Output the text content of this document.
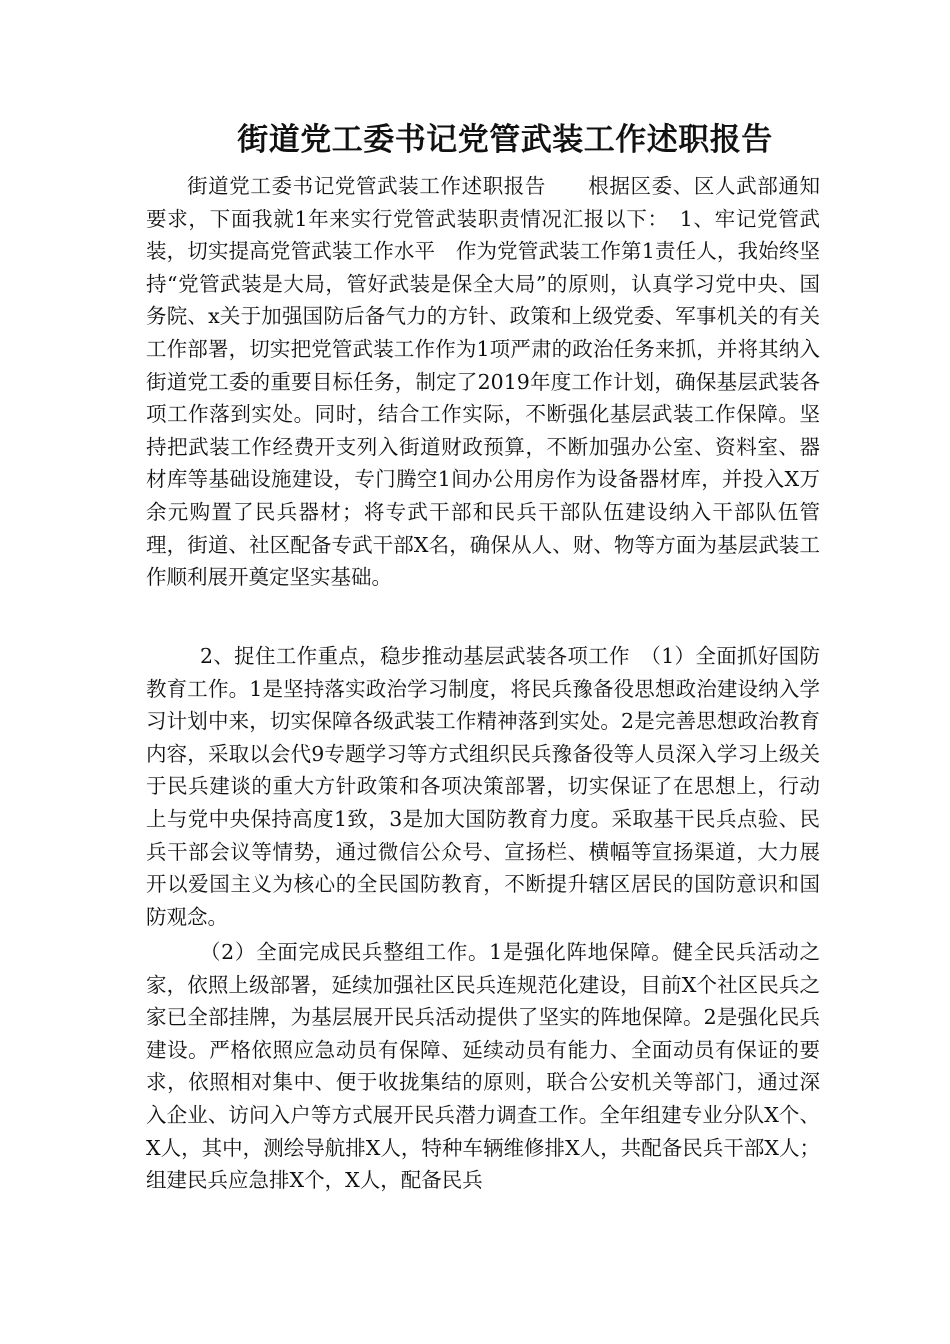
街道党工委书记党管武装工作述职报告

街道党工委书记党管武装工作述职报告　　根据区委、区人武部通知要求，下面我就1年来实行党管武装职责情况汇报以下：　1、牢记党管武装，切实提高党管武装工作水平　作为党管武装工作第1责任人，我始终坚持“党管武装是大局，管好武装是保全大局”的原则，认真学习党中央、国务院、x关于加强国防后备气力的方针、政策和上级党委、军事机关的有关工作部署，切实把党管武装工作作为1项严肃的政治任务来抓，并将其纳入街道党工委的重要目标任务，制定了2019年度工作计划，确保基层武装各项工作落到实处。同时，结合工作实际，不断强化基层武装工作保障。坚持把武装工作经费开支列入街道财政预算，不断加强办公室、资料室、器材库等基础设施建设，专门腾空1间办公用房作为设备器材库，并投入X万余元购置了民兵器材；将专武干部和民兵干部队伍建设纳入干部队伍管理，街道、社区配备专武干部X名，确保从人、财、物等方面为基层武装工作顺利展开奠定坚实基础。

2、捉住工作重点，稳步推动基层武装各项工作　（1）全面抓好国防教育工作。1是坚持落实政治学习制度，将民兵豫备役思想政治建设纳入学习计划中来，切实保障各级武装工作精神落到实处。2是完善思想政治教育内容，采取以会代9专题学习等方式组织民兵豫备役等人员深入学习上级关于民兵建谈的重大方针政策和各项决策部署，切实保证了在思想上，行动上与党中央保持高度1致，3是加大国防教育力度。采取基干民兵点验、民兵干部会议等情势，通过微信公众号、宣扬栏、横幅等宣扬渠道，大力展开以爱国主义为核心的全民国防教育，不断提升辖区居民的国防意识和国防观念。

（2）全面完成民兵整组工作。1是强化阵地保障。健全民兵活动之家，依照上级部署，延续加强社区民兵连规范化建设，目前X个社区民兵之家已全部挂牌，为基层展开民兵活动提供了坚实的阵地保障。2是强化民兵建设。严格依照应急动员有保障、延续动员有能力、全面动员有保证的要求，依照相对集中、便于收拢集结的原则，联合公安机关等部门，通过深入企业、访问入户等方式展开民兵潜力调查工作。全年组建专业分队X个、X人，其中，测绘导航排X人，特种车辆维修排X人，共配备民兵干部X人；组建民兵应急排X个，X人，配备民兵
